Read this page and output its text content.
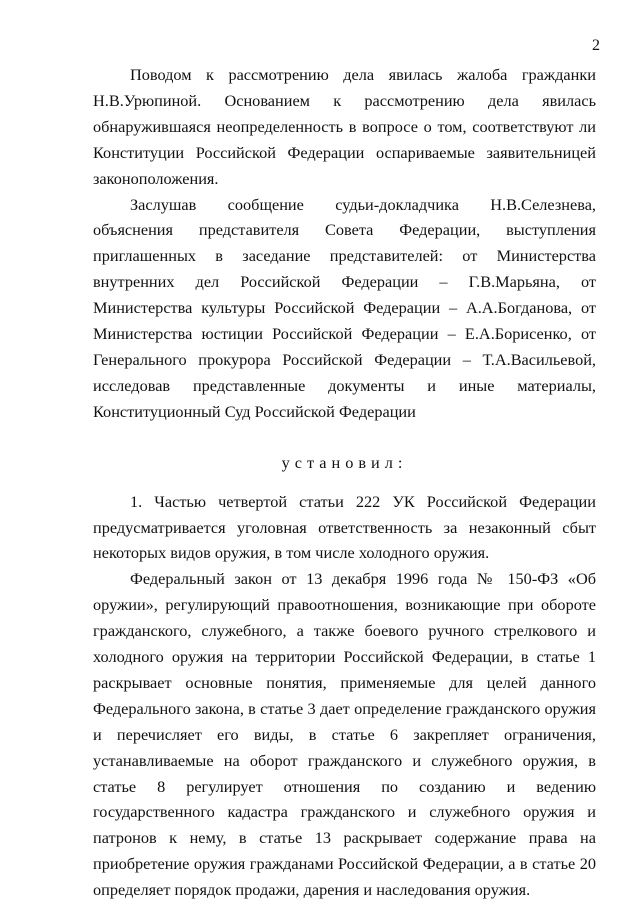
2

Поводом к рассмотрению дела явилась жалоба гражданки Н.В.Урюпиной. Основанием к рассмотрению дела явилась обнаружившаяся неопределенность в вопросе о том, соответствуют ли Конституции Российской Федерации оспариваемые заявительницей законоположения.

Заслушав сообщение судьи-докладчика Н.В.Селезнева, объяснения представителя Совета Федерации, выступления приглашенных в заседание представителей: от Министерства внутренних дел Российской Федерации – Г.В.Марьяна, от Министерства культуры Российской Федерации – А.А.Богданова, от Министерства юстиции Российской Федерации – Е.А.Борисенко, от Генерального прокурора Российской Федерации – Т.А.Васильевой, исследовав представленные документы и иные материалы, Конституционный Суд Российской Федерации

установил:

1. Частью четвертой статьи 222 УК Российской Федерации предусматривается уголовная ответственность за незаконный сбыт некоторых видов оружия, в том числе холодного оружия.

Федеральный закон от 13 декабря 1996 года № 150-ФЗ «Об оружии», регулирующий правоотношения, возникающие при обороте гражданского, служебного, а также боевого ручного стрелкового и холодного оружия на территории Российской Федерации, в статье 1 раскрывает основные понятия, применяемые для целей данного Федерального закона, в статье 3 дает определение гражданского оружия и перечисляет его виды, в статье 6 закрепляет ограничения, устанавливаемые на оборот гражданского и служебного оружия, в статье 8 регулирует отношения по созданию и ведению государственного кадастра гражданского и служебного оружия и патронов к нему, в статье 13 раскрывает содержание права на приобретение оружия гражданами Российской Федерации, а в статье 20 определяет порядок продажи, дарения и наследования оружия.
